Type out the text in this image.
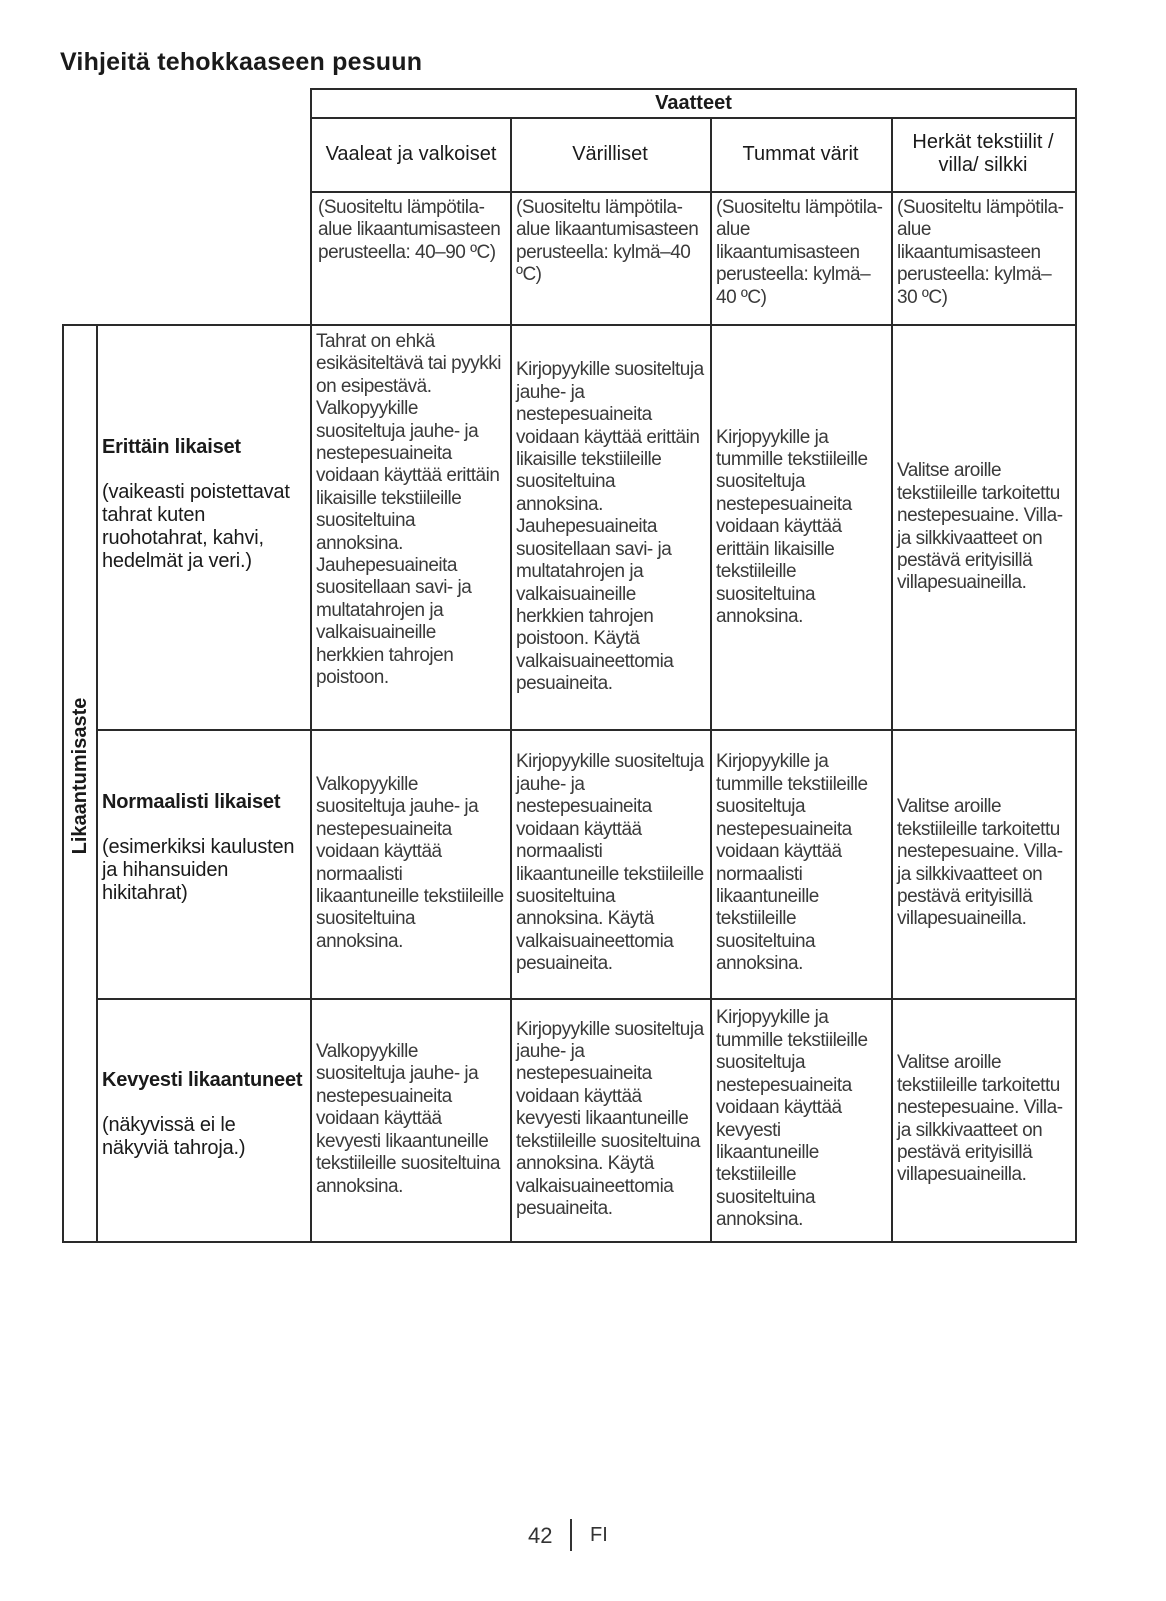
Vihjeitä tehokkaaseen pesuun
Vaatteet
Vaaleat ja valkoiset	Värilliset	Tummat värit
Herkät tekstiilit / villa/ silkki
(Suositeltu lämpötila-alue likaantumisasteen perusteella: 40–90 ºC)
(Suositeltu lämpötila-alue likaantumisasteen perusteella: kylmä–40 ºC)
(Suositeltu lämpötila-alue likaantumisasteen perusteella: kylmä–40 ºC)
(Suositeltu lämpötila-alue likaantumisasteen perusteella: kylmä–30 ºC)
Likaantumisaste
Erittäin likaiset
(vaikeasti poistettavat tahrat kuten ruohotahrat, kahvi, hedelmät ja veri.)
Tahrat on ehkä esikäsiteltävä tai pyykki on esipestävä. Valkopyykille suositeltuja jauhe- ja nestepesuaineita voidaan käyttää erittäin likaisille tekstiileille suositeltuina annoksina. Jauhepesuaineita suositellaan savi- ja multatahrojen ja valkaisuaineille herkkien tahrojen poistoon.
Kirjopyykille suositeltuja jauhe- ja nestepesuaineita voidaan käyttää erittäin likaisille tekstiileille suositeltuina annoksina. Jauhepesuaineita suositellaan savi- ja multatahrojen ja valkaisuaineille herkkien tahrojen poistoon. Käytä valkaisuaineettomia pesuaineita.
Kirjopyykille ja tummille tekstiileille suositeltuja nestepesuaineita voidaan käyttää erittäin likaisille tekstiileille suositeltuina annoksina.
Valitse aroille tekstiileille tarkoitettu nestepesuaine. Villa- ja silkkivaatteet on pestävä erityisillä villapesuaineilla.
Normaalisti likaiset
(esimerkiksi kaulusten ja hihansuiden hikitahrat)
Valkopyykille suositeltuja jauhe- ja nestepesuaineita voidaan käyttää normaalisti likaantuneille tekstiileille suositeltuina annoksina.
Kirjopyykille suositeltuja jauhe- ja nestepesuaineita voidaan käyttää normaalisti likaantuneille tekstiileille suositeltuina annoksina. Käytä valkaisuaineettomia pesuaineita.
Kirjopyykille ja tummille tekstiileille suositeltuja nestepesuaineita voidaan käyttää normaalisti likaantuneille tekstiileille suositeltuina annoksina.
Valitse aroille tekstiileille tarkoitettu nestepesuaine. Villa- ja silkkivaatteet on pestävä erityisillä villapesuaineilla.
Kevyesti likaantuneet
(näkyvissä ei le näkyviä tahroja.)
Valkopyykille suositeltuja jauhe- ja nestepesuaineita voidaan käyttää kevyesti likaantuneille tekstiileille suositeltuina annoksina.
Kirjopyykille suositeltuja jauhe- ja nestepesuaineita voidaan käyttää kevyesti likaantuneille tekstiileille suositeltuina annoksina. Käytä valkaisuaineettomia pesuaineita.
Kirjopyykille ja tummille tekstiileille suositeltuja nestepesuaineita voidaan käyttää kevyesti likaantuneille tekstiileille suositeltuina annoksina.
Valitse aroille tekstiileille tarkoitettu nestepesuaine. Villa- ja silkkivaatteet on pestävä erityisillä villapesuaineilla.
42 FI
